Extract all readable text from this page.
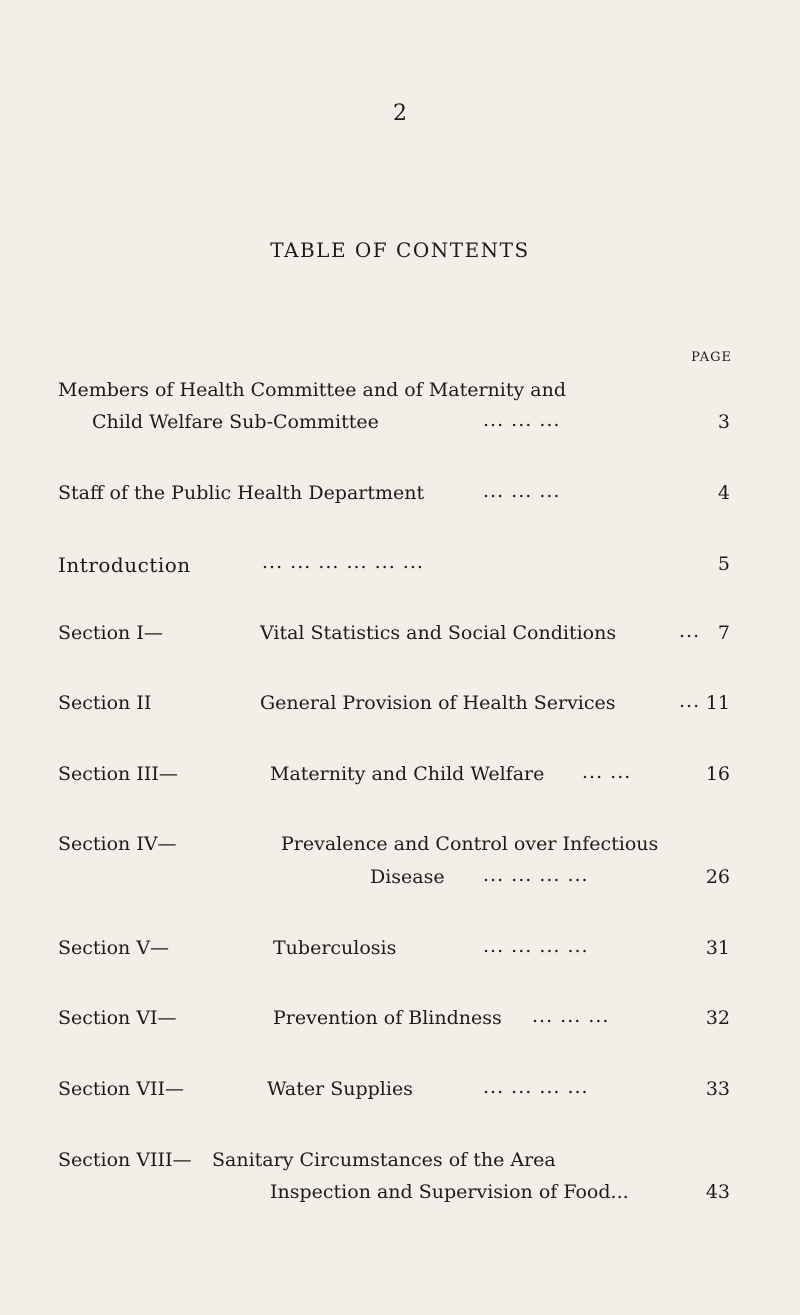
2
TABLE OF CONTENTS
PAGE
Members of Health Committee and of Maternity and
Child Welfare Sub-Committee	... ... ...	3
Staff of the Public Health Department	... ... ...	4
Introduction	... ... ... ... ... ...	5
Section I—	Vital Statistics and Social Conditions	... 7
Section II	General Provision of Health Services	... 11
Section III—	Maternity and Child Welfare ... ...	16
Section IV—	Prevalence and Control over Infectious
Disease ... ... ... ...	26
Section V—	Tuberculosis	... ... ... ...	31
Section VI—	Prevention of Blindness ... ... ...	32
Section VII—	Water Supplies	... ... ... ...	33
Section VIII— Sanitary Circumstances of the Area
Inspection and Supervision of Food...	43
